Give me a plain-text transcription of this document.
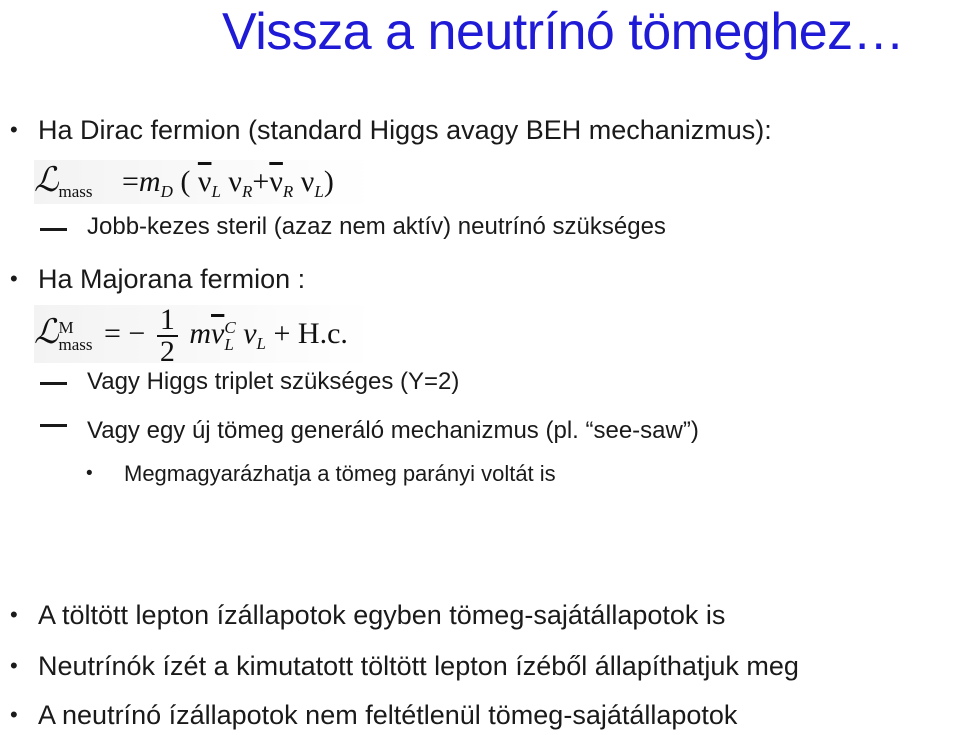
Vissza a neutrínó tömeghez…
• Ha Dirac fermion (standard Higgs avagy BEH mechanizmus):
ℒ$_{mass}$ $=m_D$ ( $\overline{\nu}_L$ $\nu_R+\overline{\nu}_R$ $\nu_L$)
Jobb-kezes steril (azaz nem aktív) neutrínó szükséges
• Ha Majorana fermion :
ℒ M
mass = − $\frac{1}{2} m\overline{\nu}$ C
L $\nu_L + H.c$.
Vagy Higgs triplet szükséges (Y=2)
Vagy egy új tömeg generáló mechanizmus (pl. “see-saw”)
• Megmagyarázhatja a tömeg parányi voltát is
• A töltött lepton ízállapotok egyben tömeg-sajátállapotok is
• Neutrínók ízét a kimutatott töltött lepton ízéből állapíthatjuk meg
• A neutrínó ízállapotok nem feltétlenül tömeg-sajátállapotok
